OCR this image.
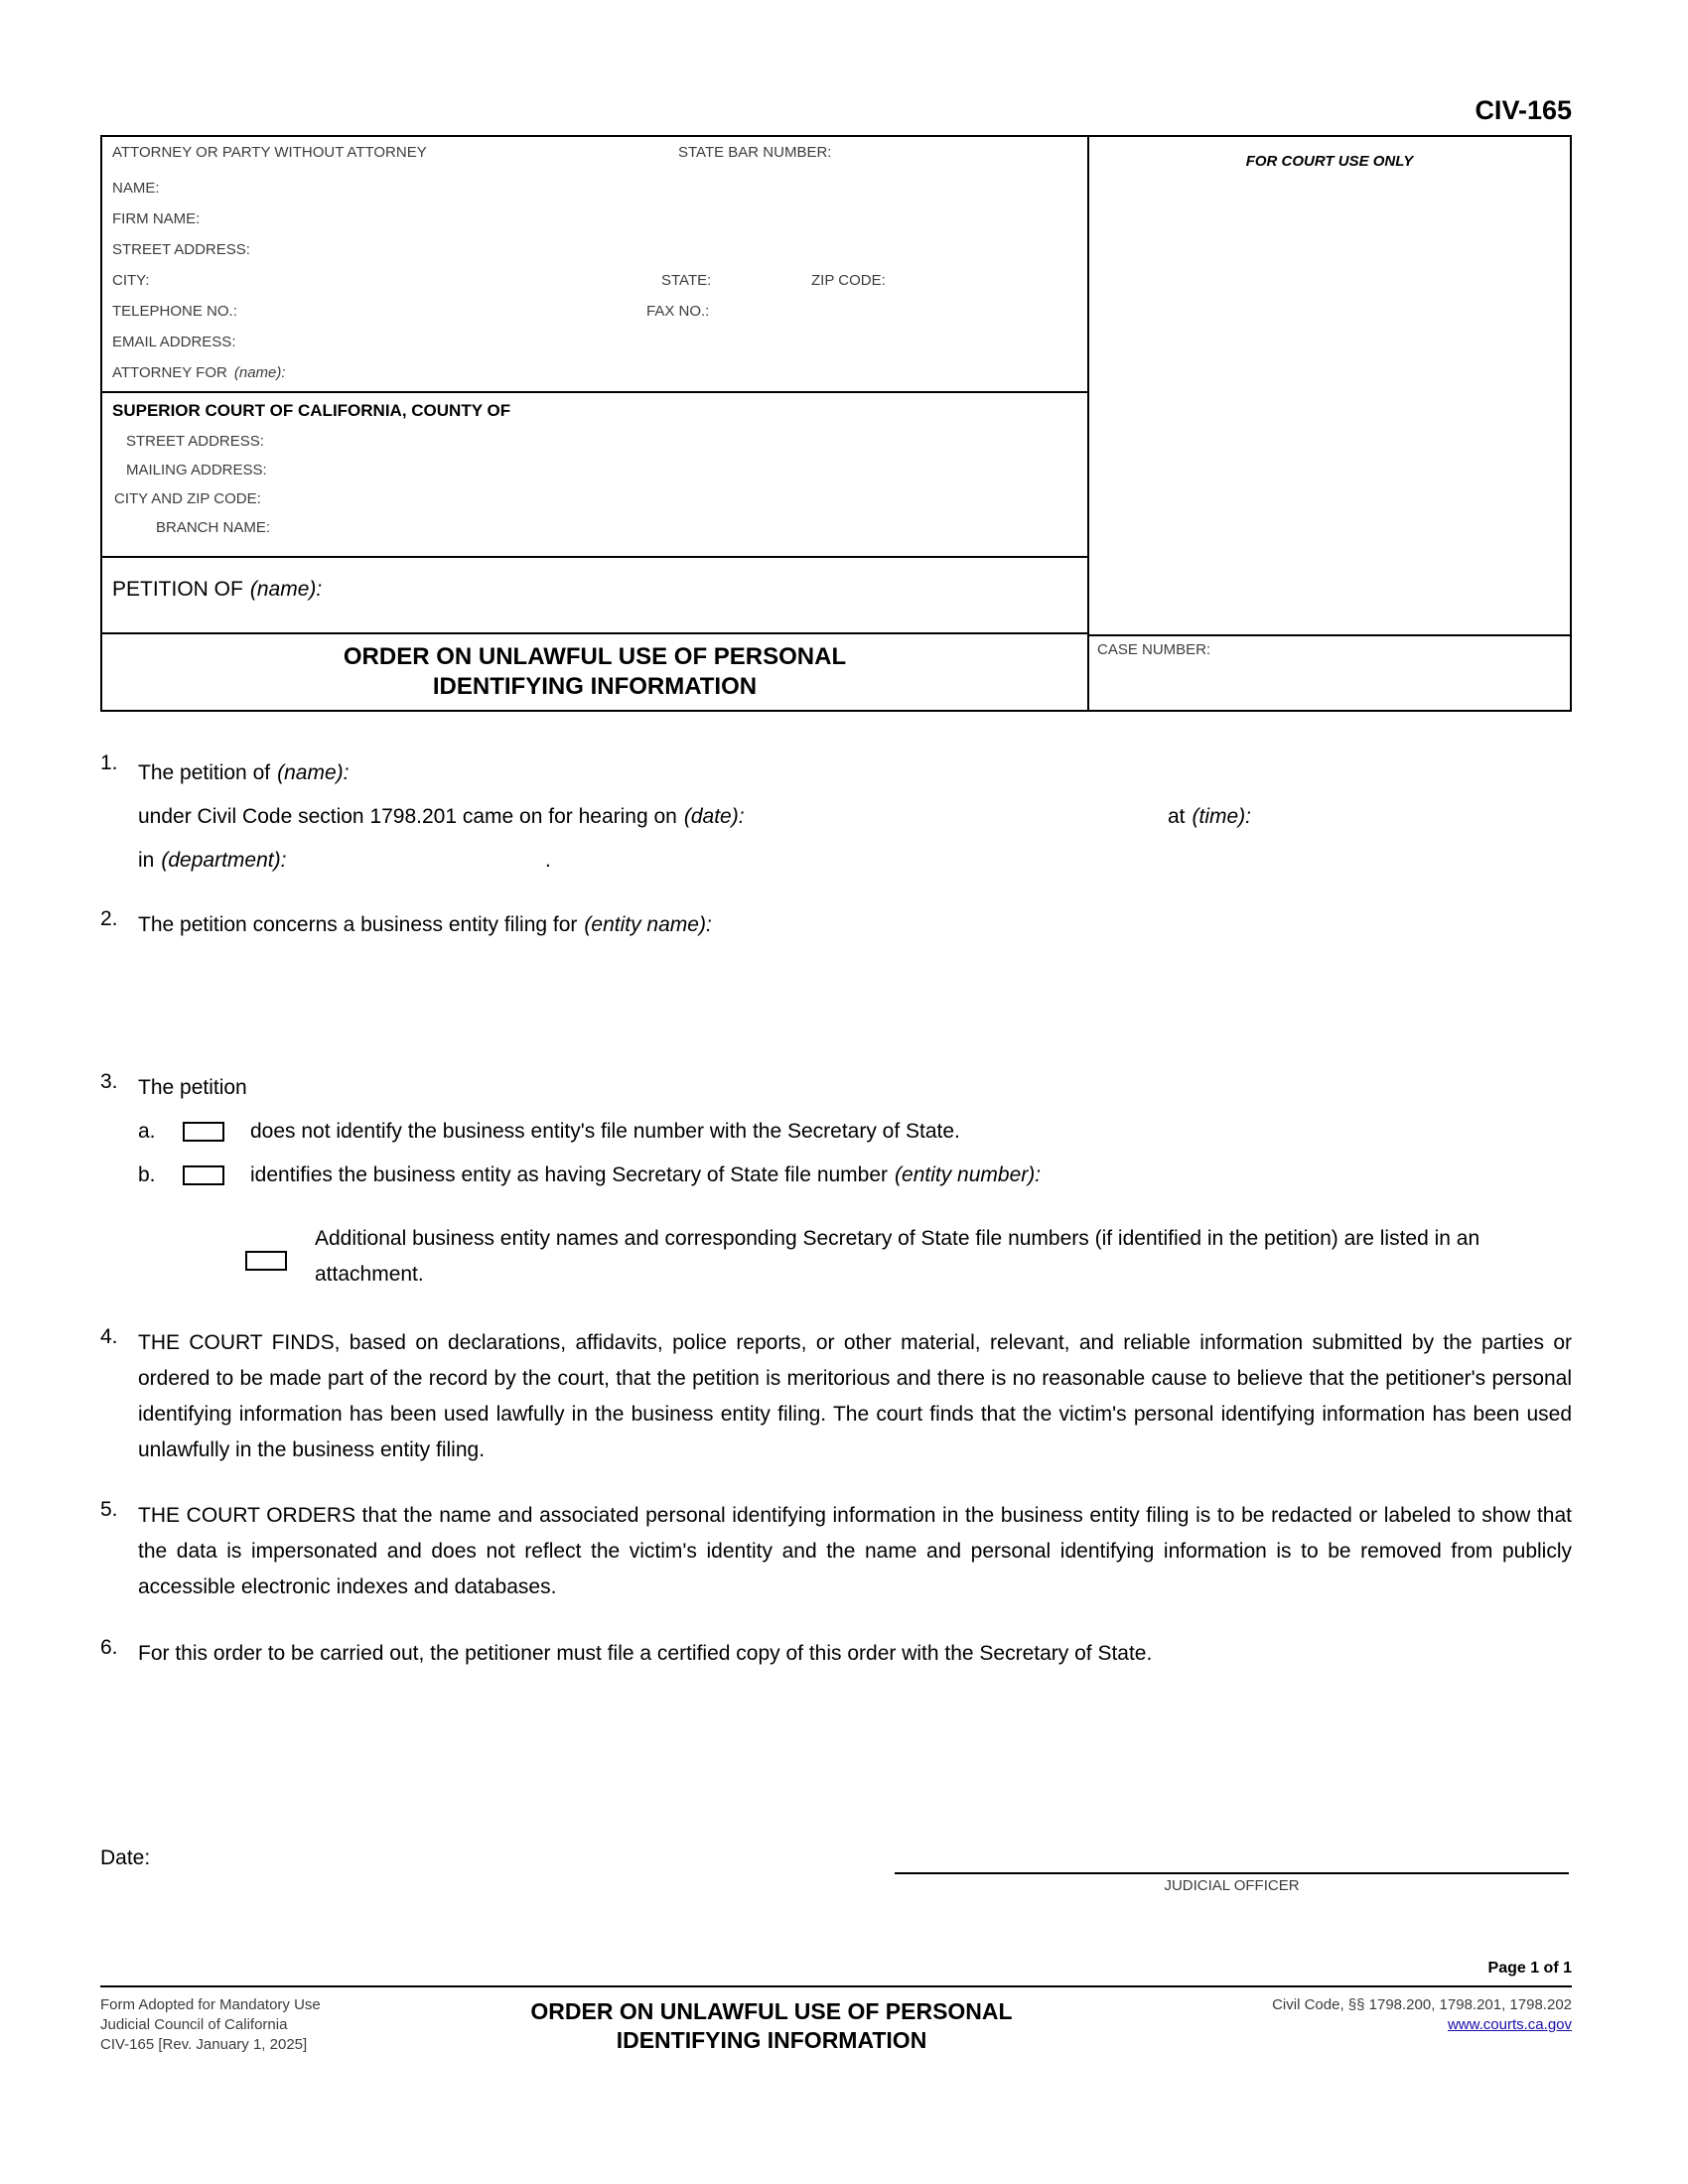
CIV-165
ATTORNEY OR PARTY WITHOUT ATTORNEY	STATE BAR NUMBER:
NAME:
FIRM NAME:
STREET ADDRESS:
CITY:	STATE:	ZIP CODE:
TELEPHONE NO.:	FAX NO.:
EMAIL ADDRESS:
ATTORNEY FOR (name):
SUPERIOR COURT OF CALIFORNIA, COUNTY OF
STREET ADDRESS:
MAILING ADDRESS:
CITY AND ZIP CODE:
BRANCH NAME:
PETITION OF (name):
ORDER ON UNLAWFUL USE OF PERSONAL
IDENTIFYING INFORMATION
FOR COURT USE ONLY
CASE NUMBER:
1. The petition of (name):
under Civil Code section 1798.201 came on for hearing on (date):	at (time):
in (department):	.
2. The petition concerns a business entity filing for (entity name):
3. The petition
a.	does not identify the business entity's file number with the Secretary of State.
b.	identifies the business entity as having Secretary of State file number (entity number):
Additional business entity names and corresponding Secretary of State file numbers (if identified in the petition) are listed in an attachment.
4. THE COURT FINDS, based on declarations, affidavits, police reports, or other material, relevant, and reliable information submitted by the parties or ordered to be made part of the record by the court, that the petition is meritorious and there is no reasonable cause to believe that the petitioner's personal identifying information has been used lawfully in the business entity filing. The court finds that the victim's personal identifying information has been used unlawfully in the business entity filing.
5. THE COURT ORDERS that the name and associated personal identifying information in the business entity filing is to be redacted or labeled to show that the data is impersonated and does not reflect the victim's identity and the name and personal identifying information is to be removed from publicly accessible electronic indexes and databases.
6. For this order to be carried out, the petitioner must file a certified copy of this order with the Secretary of State.
Date:
JUDICIAL OFFICER
Page 1 of 1
Form Adopted for Mandatory Use
Judicial Council of California
CIV-165 [Rev. January 1, 2025]
ORDER ON UNLAWFUL USE OF PERSONAL
IDENTIFYING INFORMATION
Civil Code, §§ 1798.200, 1798.201, 1798.202
www.courts.ca.gov
